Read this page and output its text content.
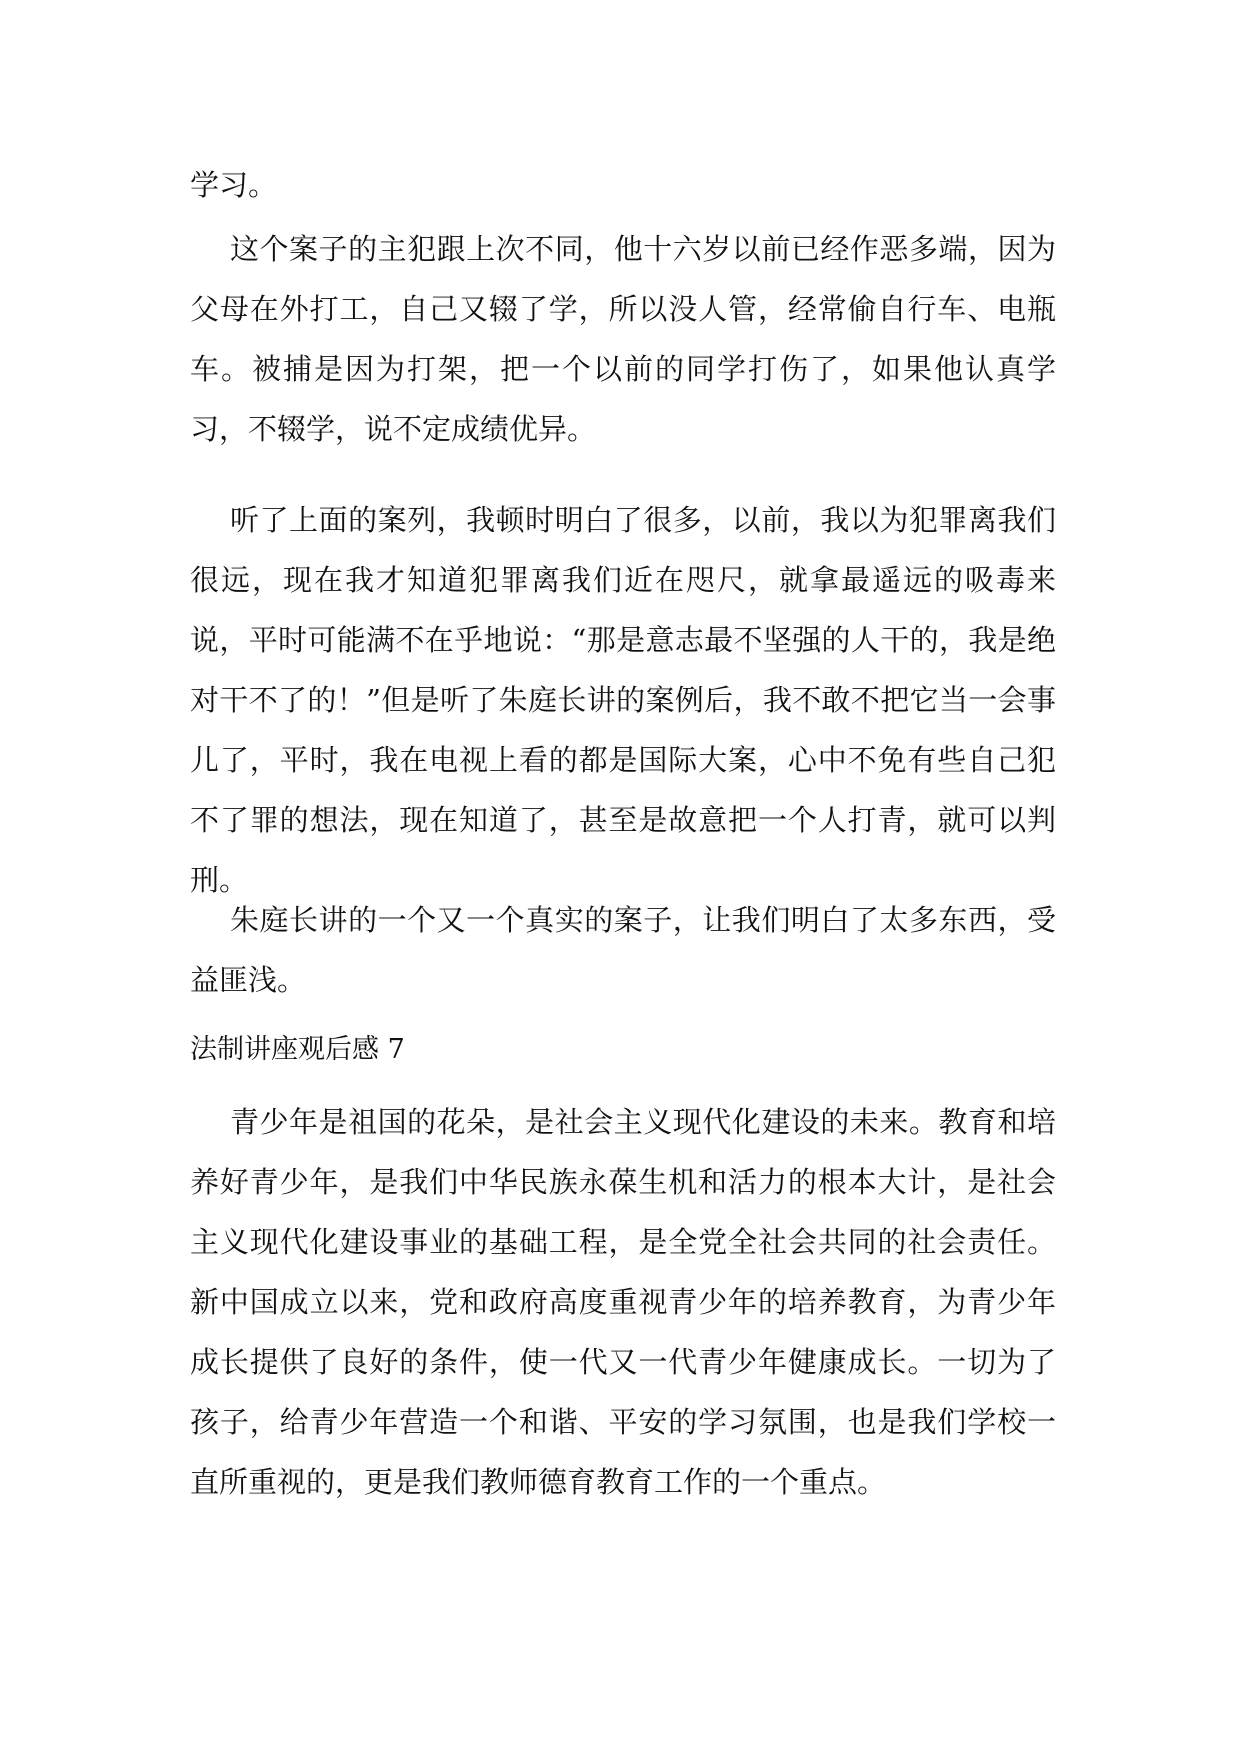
学习。

这个案子的主犯跟上次不同，他十六岁以前已经作恶多端，因为父母在外打工，自己又辍了学，所以没人管，经常偷自行车、电瓶车。被捕是因为打架，把一个以前的同学打伤了，如果他认真学习，不辍学，说不定成绩优异。

听了上面的案列，我顿时明白了很多，以前，我以为犯罪离我们很远，现在我才知道犯罪离我们近在咫尺，就拿最遥远的吸毒来说，平时可能满不在乎地说：“那是意志最不坚强的人干的，我是绝对干不了的！”但是听了朱庭长讲的案例后，我不敢不把它当一会事儿了，平时，我在电视上看的都是国际大案，心中不免有些自己犯不了罪的想法，现在知道了，甚至是故意把一个人打青，就可以判刑。

朱庭长讲的一个又一个真实的案子，让我们明白了太多东西，受益匪浅。

法制讲座观后感 7

青少年是祖国的花朵，是社会主义现代化建设的未来。教育和培养好青少年，是我们中华民族永葆生机和活力的根本大计，是社会主义现代化建设事业的基础工程，是全党全社会共同的社会责任。新中国成立以来，党和政府高度重视青少年的培养教育，为青少年成长提供了良好的条件，使一代又一代青少年健康成长。一切为了孩子，给青少年营造一个和谐、平安的学习氛围，也是我们学校一直所重视的，更是我们教师德育教育工作的一个重点。
